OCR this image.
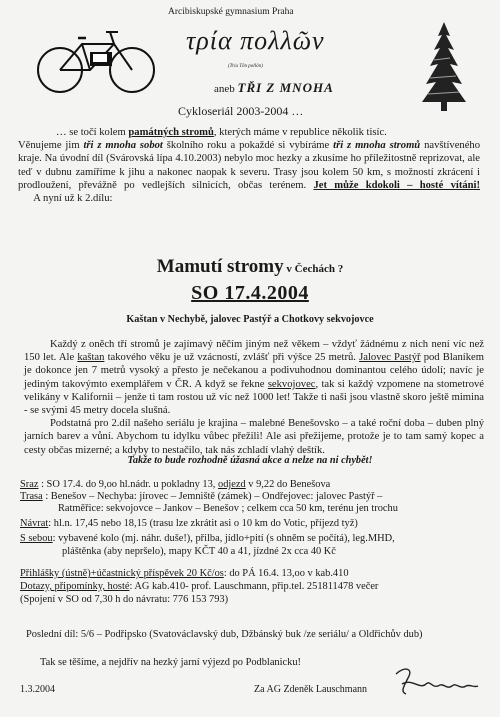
Arcibiskupské gymnasium Praha
τρία πολλῶν
(Tria Tôn pollôn)
aneb TŘI Z MNOHA
Cykloseriál 2003-2004 …
… se točí kolem památných stromů, kterých máme v republice několik tisíc.
Věnujeme jim tři z mnoha sobot školního roku a pokaždé si vybíráme tři z mnoha stromů navštíveného kraje. Na úvodní díl (Svárovská lípa 4.10.2003) nebylo moc hezky a zkusíme ho příležitostně reprizovat, ale teď v dubnu zamíříme k jihu a nakonec naopak k severu. Trasy jsou kolem 50 km, s možností zkrácení i prodloužení, převážně po vedlejších silnicích, občas terénem. Jet může kdokoli – hosté vítáni!      A nyní už k 2.dílu:
Mamutí stromy v Čechách ?
SO 17.4.2004
Kaštan v Nechybě, jalovec Pastýř a Chotkovy sekvojovce
Každý z oněch tří stromů je zajímavý něčím jiným než věkem – vždyť žádnému z nich není víc než 150 let. Ale kaštan takového věku je už vzácností, zvlášť při výšce 25 metrů. Jalovec Pastýř pod Blaníkem je dokonce jen 7 metrů vysoký a přesto je nečekanou a podivuhodnou dominantou celého údolí; navíc je jediným takovýmto exemplářem v ČR. A když se řekne sekvojovec, tak si každý vzpomene na stometrové velikány v Kalifornii – jenže ti tam rostou už víc než 1000 let! Takže ti naši jsou vlastně skoro ještě mimina - se svými 45 metry docela slušná.
Podstatná pro 2.díl našeho seriálu je krajina – malebné Benešovsko – a také roční doba – duben plný jarních barev a vůní. Abychom tu idylku vůbec přežili! Ale asi přežijeme, protože je to tam samý kopec a cesty občas mizerné; a kdyby to nestačilo, tak nás zchladí vlahý deštík.
Takže to bude rozhodně úžasná akce a nelze na ni chybět!
Sraz : SO 17.4. do 9,oo hl.nádr. u pokladny 13, odjezd v 9,22 do Benešova
Trasa : Benešov – Nechyba: jírovec – Jemniště (zámek) – Ondřejovec: jalovec Pastýř –
Ratměřice: sekvojovce – Jankov – Benešov ; celkem cca 50 km, terénu jen trochu
Návrat: hl.n. 17,45 nebo 18,15 (trasu lze zkrátit asi o 10 km do Votic, příjezd tyž)
S sebou: vybavené kolo (mj. náhr. duše!), přilba, jídlo+pití (s ohněm se počítá), leg.MHD,
pláštěnka (aby nepršelo), mapy KČT 40 a 41, jízdné 2x cca 40 Kč
Přihlášky (ústně)+účastnický příspěvek 20 Kč/os: do PÁ 16.4. 13,oo v kab.410
Dotazy, připomínky, hosté: AG kab.410- prof. Lauschmann, přip.tel. 251811478 večer
(Spojení v SO od 7,30 h do návratu: 776 153 793)
Poslední díl: 5/6 – Podřipsko (Svatováclavský dub, Džbánský buk /ze seriálu/ a Oldřichův dub)
Tak se těšíme, a nejdřív na hezký jarní výjezd po Podblanicku!
1.3.2004	Za AG Zdeněk Lauschmann
